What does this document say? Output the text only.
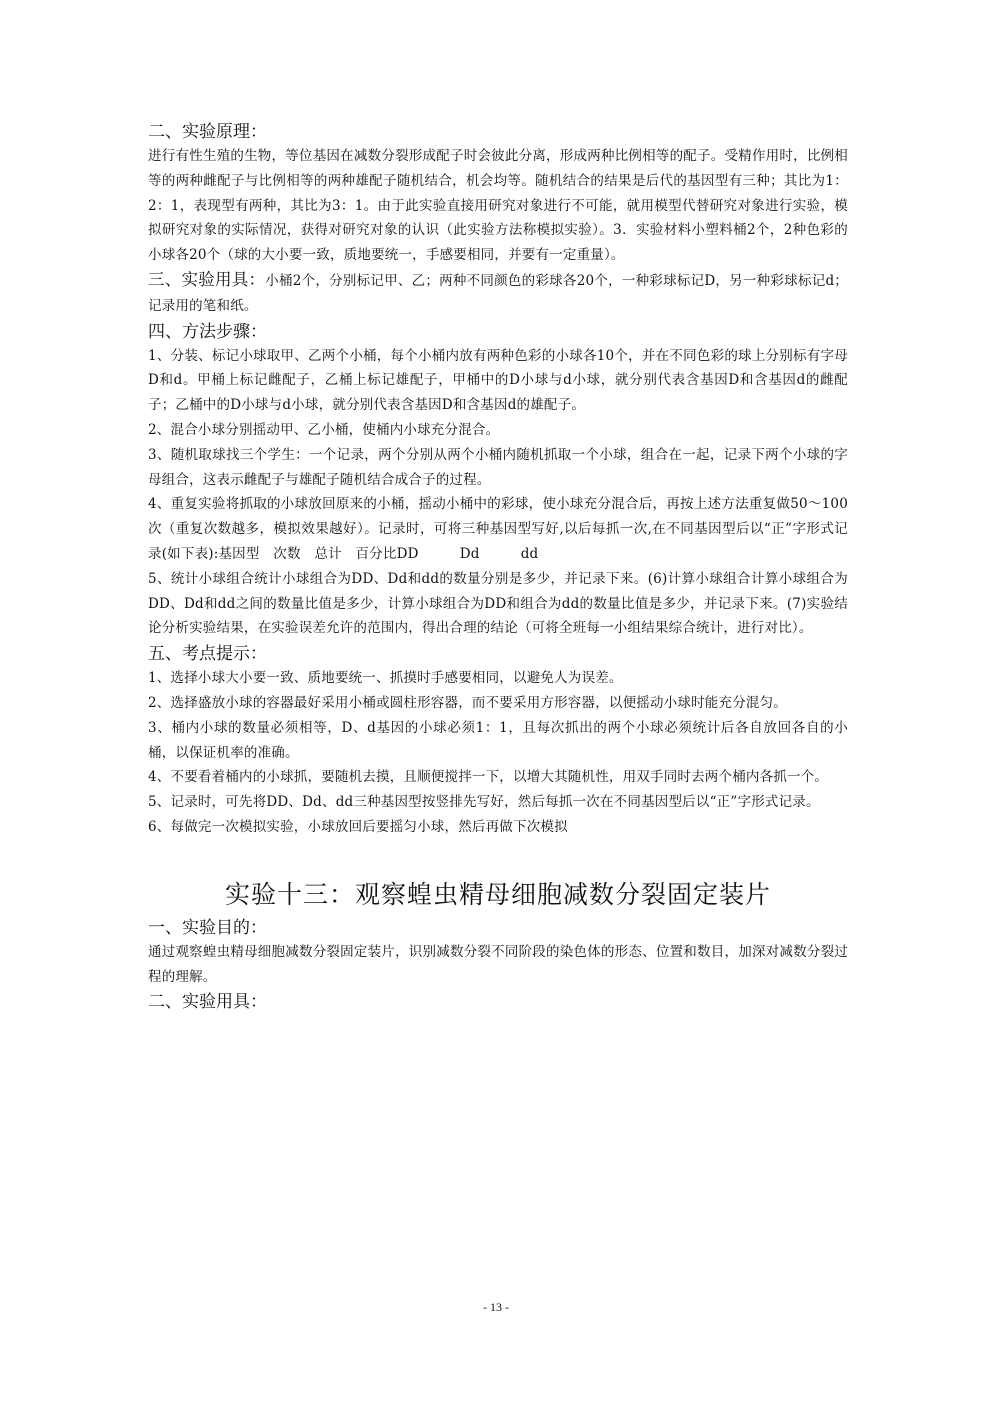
二、实验原理：

进行有性生殖的生物，等位基因在减数分裂形成配子时会彼此分离，形成两种比例相等的配子。受精作用时，比例相等的两种雌配子与比例相等的两种雄配子随机结合，机会均等。随机结合的结果是后代的基因型有三种；其比为1：2：1，表现型有两种，其比为3：1。由于此实验直接用研究对象进行不可能，就用模型代替研究对象进行实验，模拟研究对象的实际情况，获得对研究对象的认识（此实验方法称模拟实验）。3．实验材料小塑料桶2个，2种色彩的小球各20个（球的大小要一致，质地要统一，手感要相同，并要有一定重量）。

三、实验用具：小桶2个，分别标记甲、乙；两种不同颜色的彩球各20个，一种彩球标记D，另一种彩球标记d；记录用的笔和纸。

四、方法步骤：

1、分装、标记小球取甲、乙两个小桶，每个小桶内放有两种色彩的小球各10个，并在不同色彩的球上分别标有字母D和d。甲桶上标记雌配子，乙桶上标记雄配子，甲桶中的D小球与d小球，就分别代表含基因D和含基因d的雌配子；乙桶中的D小球与d小球，就分别代表含基因D和含基因d的雄配子。

2、混合小球分别摇动甲、乙小桶，使桶内小球充分混合。

3、随机取球找三个学生：一个记录，两个分别从两个小桶内随机抓取一个小球，组合在一起，记录下两个小球的字母组合，这表示雌配子与雄配子随机结合成合子的过程。

4、重复实验将抓取的小球放回原来的小桶，摇动小桶中的彩球，使小球充分混合后，再按上述方法重复做50～100次（重复次数越多，模拟效果越好）。记录时，可将三种基因型写好,以后每抓一次,在不同基因型后以“正”字形式记录(如下表):基因型　次数　总计　百分比DD　　　Dd　　　dd

5、统计小球组合统计小球组合为DD、Dd和dd的数量分别是多少，并记录下来。(6)计算小球组合计算小球组合为DD、Dd和dd之间的数量比值是多少，计算小球组合为DD和组合为dd的数量比值是多少，并记录下来。(7)实验结论分析实验结果，在实验误差允许的范围内，得出合理的结论（可将全班每一小组结果综合统计，进行对比）。

五、考点提示：

1、选择小球大小要一致、质地要统一、抓摸时手感要相同，以避免人为误差。

2、选择盛放小球的容器最好采用小桶或圆柱形容器，而不要采用方形容器，以便摇动小球时能充分混匀。

3、桶内小球的数量必须相等，D、d基因的小球必须1：1，且每次抓出的两个小球必须统计后各自放回各自的小桶，以保证机率的准确。

4、不要看着桶内的小球抓，要随机去摸，且顺便搅拌一下，以增大其随机性，用双手同时去两个桶内各抓一个。

5、记录时，可先将DD、Dd、dd三种基因型按竖排先写好，然后每抓一次在不同基因型后以“正”字形式记录。

6、每做完一次模拟实验，小球放回后要摇匀小球，然后再做下次模拟

实验十三：观察蝗虫精母细胞减数分裂固定装片

一、实验目的：

通过观察蝗虫精母细胞减数分裂固定装片，识别减数分裂不同阶段的染色体的形态、位置和数目，加深对减数分裂过程的理解。

二、实验用具：

- 13 -
